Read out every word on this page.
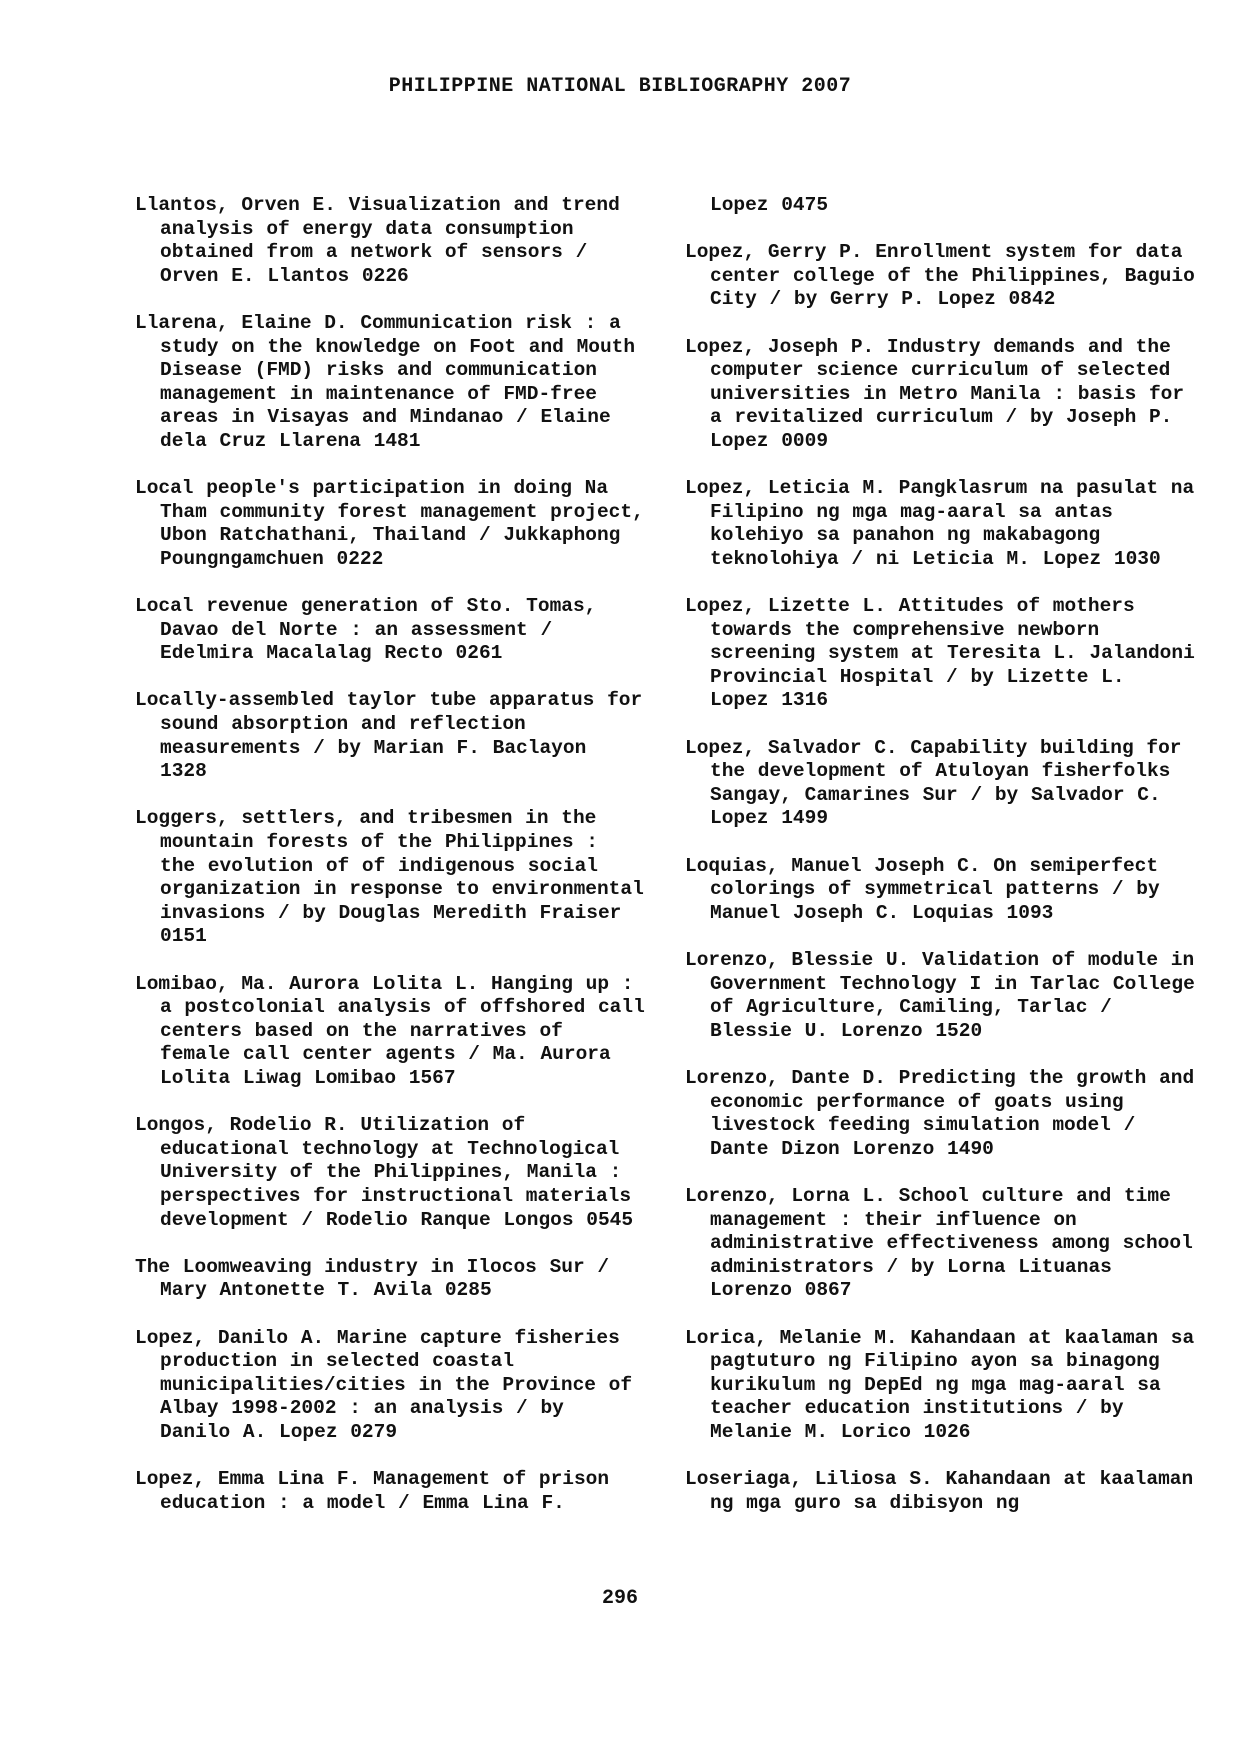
PHILIPPINE NATIONAL BIBLIOGRAPHY 2007

Llantos, Orven E. Visualization and trend analysis of energy data consumption obtained from a network of sensors / Orven E. Llantos 0226

Llarena, Elaine D. Communication risk : a study on the knowledge on Foot and Mouth Disease (FMD) risks and communication management in maintenance of FMD-free areas in Visayas and Mindanao / Elaine dela Cruz Llarena 1481

Local people's participation in doing Na Tham community forest management project, Ubon Ratchathani, Thailand / Jukkaphong Poungngamchuen 0222

Local revenue generation of Sto. Tomas, Davao del Norte : an assessment / Edelmira Macalalag Recto 0261

Locally-assembled taylor tube apparatus for sound absorption and reflection measurements / by Marian F. Baclayon 1328

Loggers, settlers, and tribesmen in the mountain forests of the Philippines : the evolution of of indigenous social organization in response to environmental invasions / by Douglas Meredith Fraiser 0151

Lomibao, Ma. Aurora Lolita L. Hanging up : a postcolonial analysis of offshored call centers based on the narratives of female call center agents / Ma. Aurora Lolita Liwag Lomibao 1567

Longos, Rodelio R. Utilization of educational technology at Technological University of the Philippines, Manila : perspectives for instructional materials development / Rodelio Ranque Longos 0545

The Loomweaving industry in Ilocos Sur / Mary Antonette T. Avila 0285

Lopez, Danilo A. Marine capture fisheries production in selected coastal municipalities/cities in the Province of Albay 1998-2002 : an analysis / by Danilo A. Lopez 0279

Lopez, Emma Lina F. Management of prison education : a model / Emma Lina F.

Lopez 0475

Lopez, Gerry P. Enrollment system for data center college of the Philippines, Baguio City / by Gerry P. Lopez 0842

Lopez, Joseph P. Industry demands and the computer science curriculum of selected universities in Metro Manila : basis for a revitalized curriculum / by Joseph P. Lopez 0009

Lopez, Leticia M. Pangklasrum na pasulat na Filipino ng mga mag-aaral sa antas kolehiyo sa panahon ng makabagong teknolohiya / ni Leticia M. Lopez 1030

Lopez, Lizette L. Attitudes of mothers towards the comprehensive newborn screening system at Teresita L. Jalandoni Provincial Hospital / by Lizette L. Lopez 1316

Lopez, Salvador C. Capability building for the development of Atuloyan fisherfolks Sangay, Camarines Sur / by Salvador C. Lopez 1499

Loquias, Manuel Joseph C. On semiperfect colorings of symmetrical patterns / by Manuel Joseph C. Loquias 1093

Lorenzo, Blessie U. Validation of module in Government Technology I in Tarlac College of Agriculture, Camiling, Tarlac / Blessie U. Lorenzo 1520

Lorenzo, Dante D. Predicting the growth and economic performance of goats using livestock feeding simulation model / Dante Dizon Lorenzo 1490

Lorenzo, Lorna L. School culture and time management : their influence on administrative effectiveness among school administrators / by Lorna Lituanas Lorenzo 0867

Lorica, Melanie M. Kahandaan at kaalaman sa pagtuturo ng Filipino ayon sa binagong kurikulum ng DepEd ng mga mag-aaral sa teacher education institutions / by Melanie M. Lorico 1026

Loseriaga, Liliosa S. Kahandaan at kaalaman ng mga guro sa dibisyon ng

296
